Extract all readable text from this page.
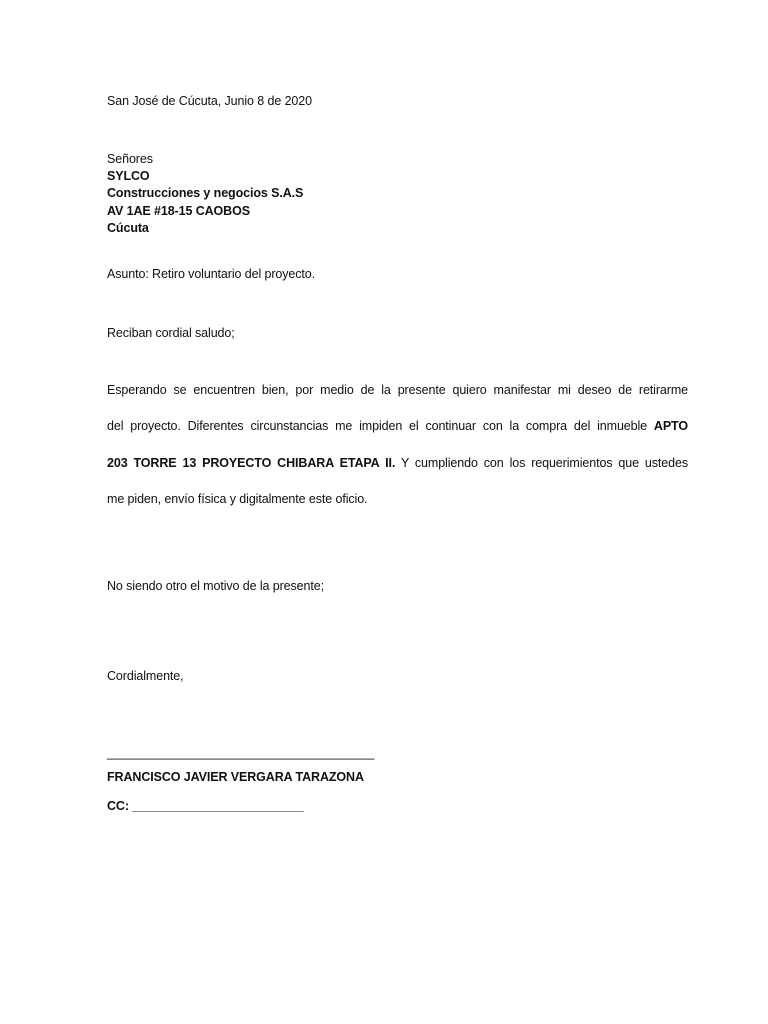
San José de Cúcuta, Junio 8 de 2020
Señores
SYLCO
Construcciones y negocios S.A.S
AV 1AE #18-15 CAOBOS
Cúcuta
Asunto: Retiro voluntario del proyecto.
Reciban cordial saludo;
Esperando se encuentren bien, por medio de la presente quiero manifestar mi deseo de retirarme
del proyecto. Diferentes circunstancias me impiden el continuar con la compra del inmueble APTO
203 TORRE 13 PROYECTO CHIBARA ETAPA II. Y cumpliendo con los requerimientos que ustedes
me piden, envío física y digitalmente este oficio.
No siendo otro el motivo de la presente;
Cordialmente,
_______________________________________
FRANCISCO JAVIER VERGARA TARAZONA
CC: _________________________
